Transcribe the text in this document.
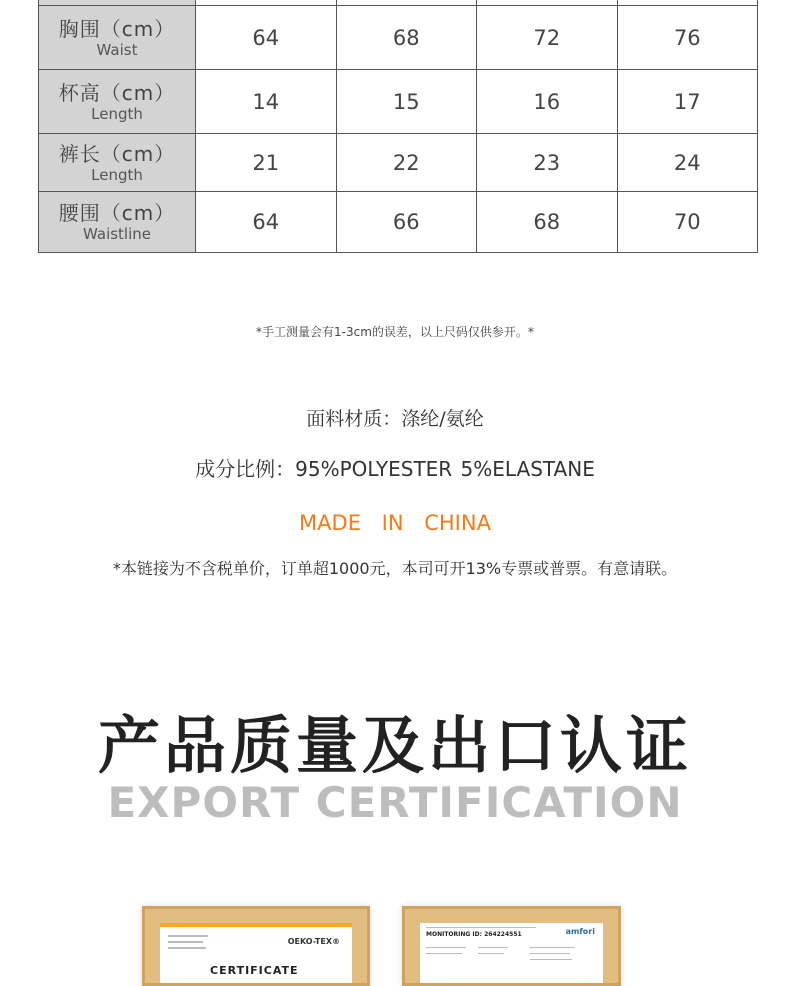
胸围（cm）
Waist	64	68	72	76

杯高（cm）
Length	14	15	16	17

裤长（cm）
Length	21	22	23	24

腰围（cm）
Waistline	64	66	68	70
*手工测量会有1-3cm的误差，以上尺码仅供参开。*
面料材质：涤纶/氨纶
成分比例：95%POLYESTER 5%ELASTANE
MADE IN CHINA
*本链接为不含税单价，订单超1000元，本司可开13%专票或普票。有意请联。
产品质量及出口认证
EXPORT CERTIFICATION
OEKO-TEX®
CERTIFICATE
MONITORING ID: 264224551	amfori
